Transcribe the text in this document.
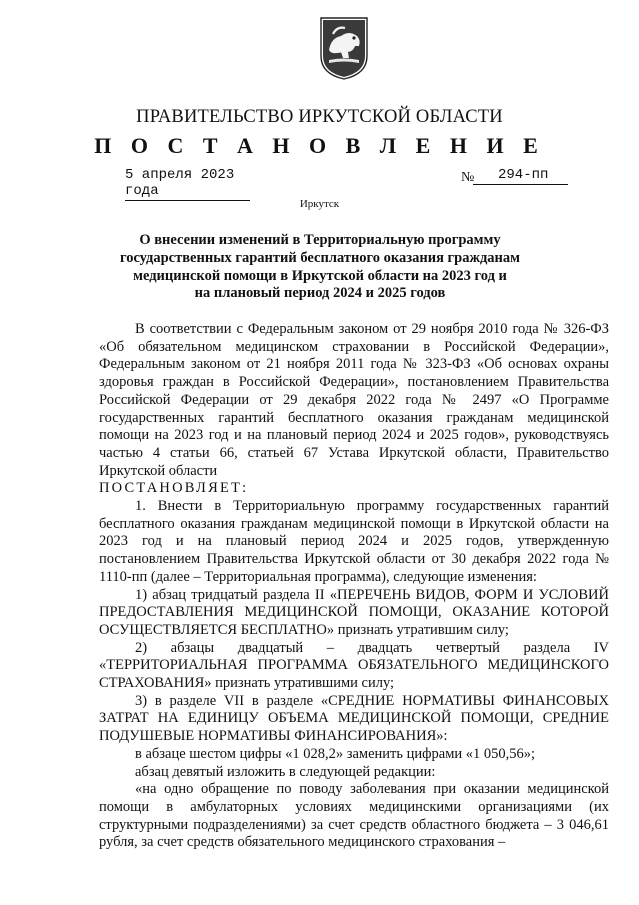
ПРАВИТЕЛЬСТВО ИРКУТСКОЙ ОБЛАСТИ
П О С Т А Н О В Л Е Н И Е
5 апреля 2023 года
№	294-пп
Иркутск
О внесении изменений в Территориальную программу
государственных гарантий бесплатного оказания гражданам
медицинской помощи в Иркутской области на 2023 год и
на плановый период 2024 и 2025 годов

В соответствии с Федеральным законом от 29 ноября 2010 года № 326-ФЗ «Об обязательном медицинском страховании в Российской Федерации», Федеральным законом от 21 ноября 2011 года № 323-ФЗ «Об основах охраны здоровья граждан в Российской Федерации», постановлением Правительства Российской Федерации от 29 декабря 2022 года № 2497 «О Программе государственных гарантий бесплатного оказания гражданам медицинской помощи на 2023 год и на плановый период 2024 и 2025 годов», руководствуясь частью 4 статьи 66, статьей 67 Устава Иркутской области, Правительство Иркутской области

ПОСТАНОВЛЯЕТ:

1. Внести в Территориальную программу государственных гарантий бесплатного оказания гражданам медицинской помощи в Иркутской области на 2023 год и на плановый период 2024 и 2025 годов, утвержденную постановлением Правительства Иркутской области от 30 декабря 2022 года № 1110-пп (далее – Территориальная программа), следующие изменения:

1) абзац тридцатый раздела II «ПЕРЕЧЕНЬ ВИДОВ, ФОРМ И УСЛОВИЙ ПРЕДОСТАВЛЕНИЯ МЕДИЦИНСКОЙ ПОМОЩИ, ОКАЗАНИЕ КОТОРОЙ ОСУЩЕСТВЛЯЕТСЯ БЕСПЛАТНО» признать утратившим силу;

2) абзацы двадцатый – двадцать четвертый раздела IV «ТЕРРИТОРИАЛЬНАЯ ПРОГРАММА ОБЯЗАТЕЛЬНОГО МЕДИЦИНСКОГО СТРАХОВАНИЯ» признать утратившими силу;

3) в разделе VII в разделе «СРЕДНИЕ НОРМАТИВЫ ФИНАНСОВЫХ ЗАТРАТ НА ЕДИНИЦУ ОБЪЕМА МЕДИЦИНСКОЙ ПОМОЩИ, СРЕДНИЕ ПОДУШЕВЫЕ НОРМАТИВЫ ФИНАНСИРОВАНИЯ»:

в абзаце шестом цифры «1 028,2» заменить цифрами «1 050,56»;

абзац девятый изложить в следующей редакции:

«на одно обращение по поводу заболевания при оказании медицинской помощи в амбулаторных условиях медицинскими организациями (их структурными подразделениями) за счет средств областного бюджета – 3 046,61 рубля, за счет средств обязательного медицинского страхования –
